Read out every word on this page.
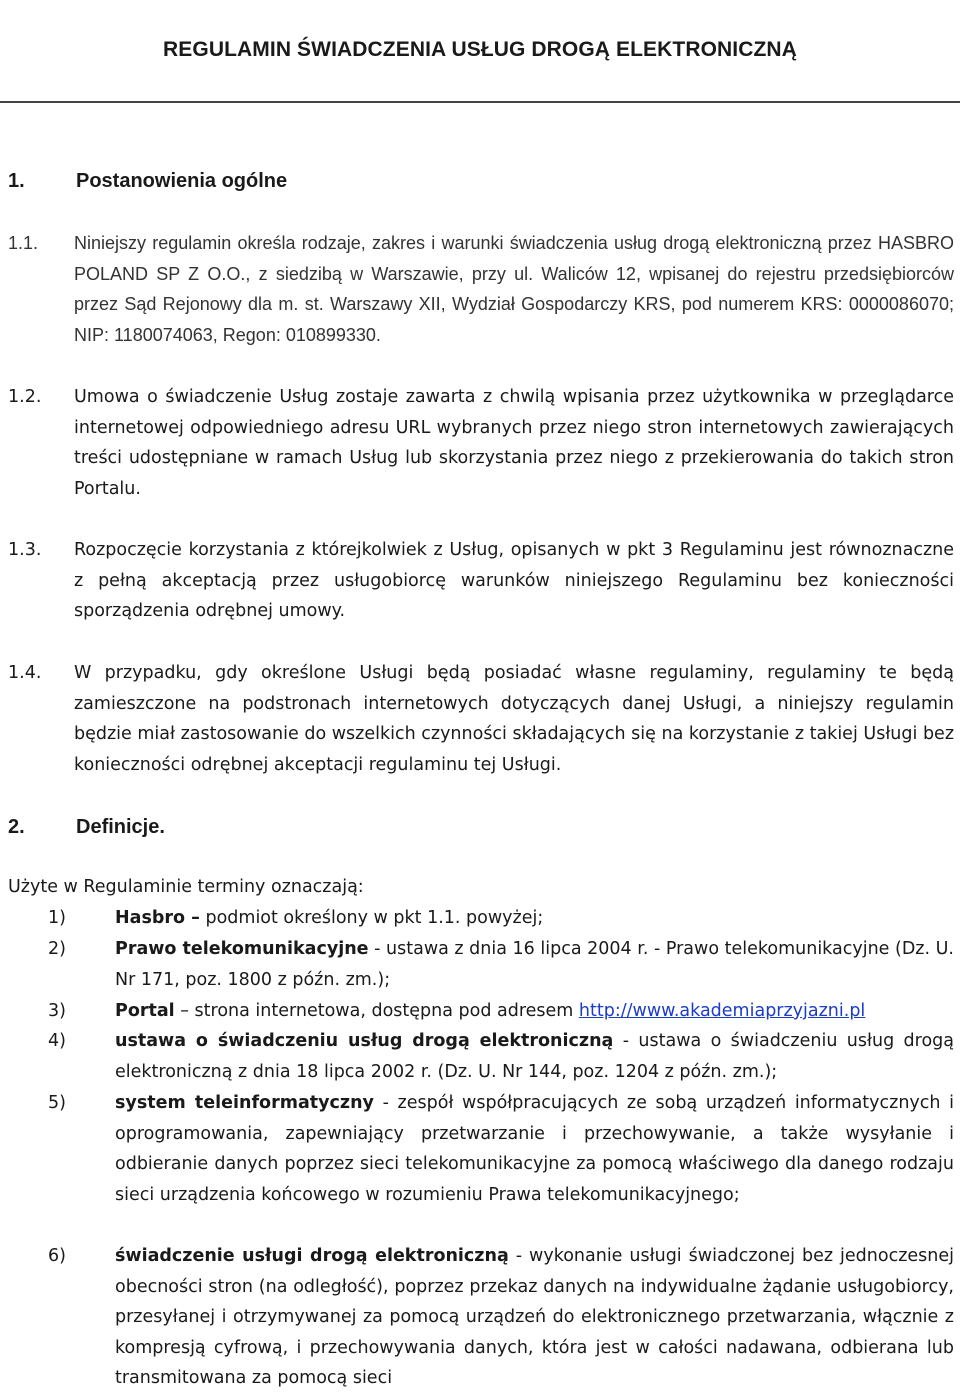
REGULAMIN ŚWIADCZENIA USŁUG DROGĄ ELEKTRONICZNĄ
1.	Postanowienia ogólne
1.1. Niniejszy regulamin określa rodzaje, zakres i warunki świadczenia usług drogą elektroniczną przez HASBRO POLAND SP Z O.O., z siedzibą w Warszawie, przy ul. Waliców 12, wpisanej do rejestru przedsiębiorców przez Sąd Rejonowy dla m. st. Warszawy XII, Wydział Gospodarczy KRS, pod numerem KRS: 0000086070; NIP: 1180074063, Regon: 010899330.
1.2. Umowa o świadczenie Usług zostaje zawarta z chwilą wpisania przez użytkownika w przeglądarce internetowej odpowiedniego adresu URL wybranych przez niego stron internetowych zawierających treści udostępniane w ramach Usług lub skorzystania przez niego z przekierowania do takich stron Portalu.
1.3. Rozpoczęcie korzystania z którejkolwiek z Usług, opisanych w pkt 3 Regulaminu jest równoznaczne z pełną akceptacją przez usługobiorcę warunków niniejszego Regulaminu bez konieczności sporządzenia odrębnej umowy.
1.4. W przypadku, gdy określone Usługi będą posiadać własne regulaminy, regulaminy te będą zamieszczone na podstronach internetowych dotyczących danej Usługi, a niniejszy regulamin będzie miał zastosowanie do wszelkich czynności składających się na korzystanie z takiej Usługi bez konieczności odrębnej akceptacji regulaminu tej Usługi.
2.	Definicje.
Użyte w Regulaminie terminy oznaczają:
1)	Hasbro – podmiot określony w pkt 1.1. powyżej;
2)	Prawo telekomunikacyjne - ustawa z dnia 16 lipca 2004 r. - Prawo telekomunikacyjne (Dz. U. Nr 171, poz. 1800 z późn. zm.);
3)	Portal – strona internetowa, dostępna pod adresem http://www.akademiaprzyjazni.pl
4)	ustawa o świadczeniu usług drogą elektroniczną - ustawa o świadczeniu usług drogą elektroniczną z dnia 18 lipca 2002 r. (Dz. U. Nr 144, poz. 1204 z późn. zm.);
5)	system teleinformatyczny - zespół współpracujących ze sobą urządzeń informatycznych i oprogramowania, zapewniający przetwarzanie i przechowywanie, a także wysyłanie i odbieranie danych poprzez sieci telekomunikacyjne za pomocą właściwego dla danego rodzaju sieci urządzenia końcowego w rozumieniu Prawa telekomunikacyjnego;
6)	świadczenie usługi drogą elektroniczną - wykonanie usługi świadczonej bez jednoczesnej obecności stron (na odległość), poprzez przekaz danych na indywidualne żądanie usługobiorcy, przesyłanej i otrzymywanej za pomocą urządzeń do elektronicznego przetwarzania, włącznie z kompresją cyfrową, i przechowywania danych, która jest w całości nadawana, odbierana lub transmitowana za pomocą sieci
